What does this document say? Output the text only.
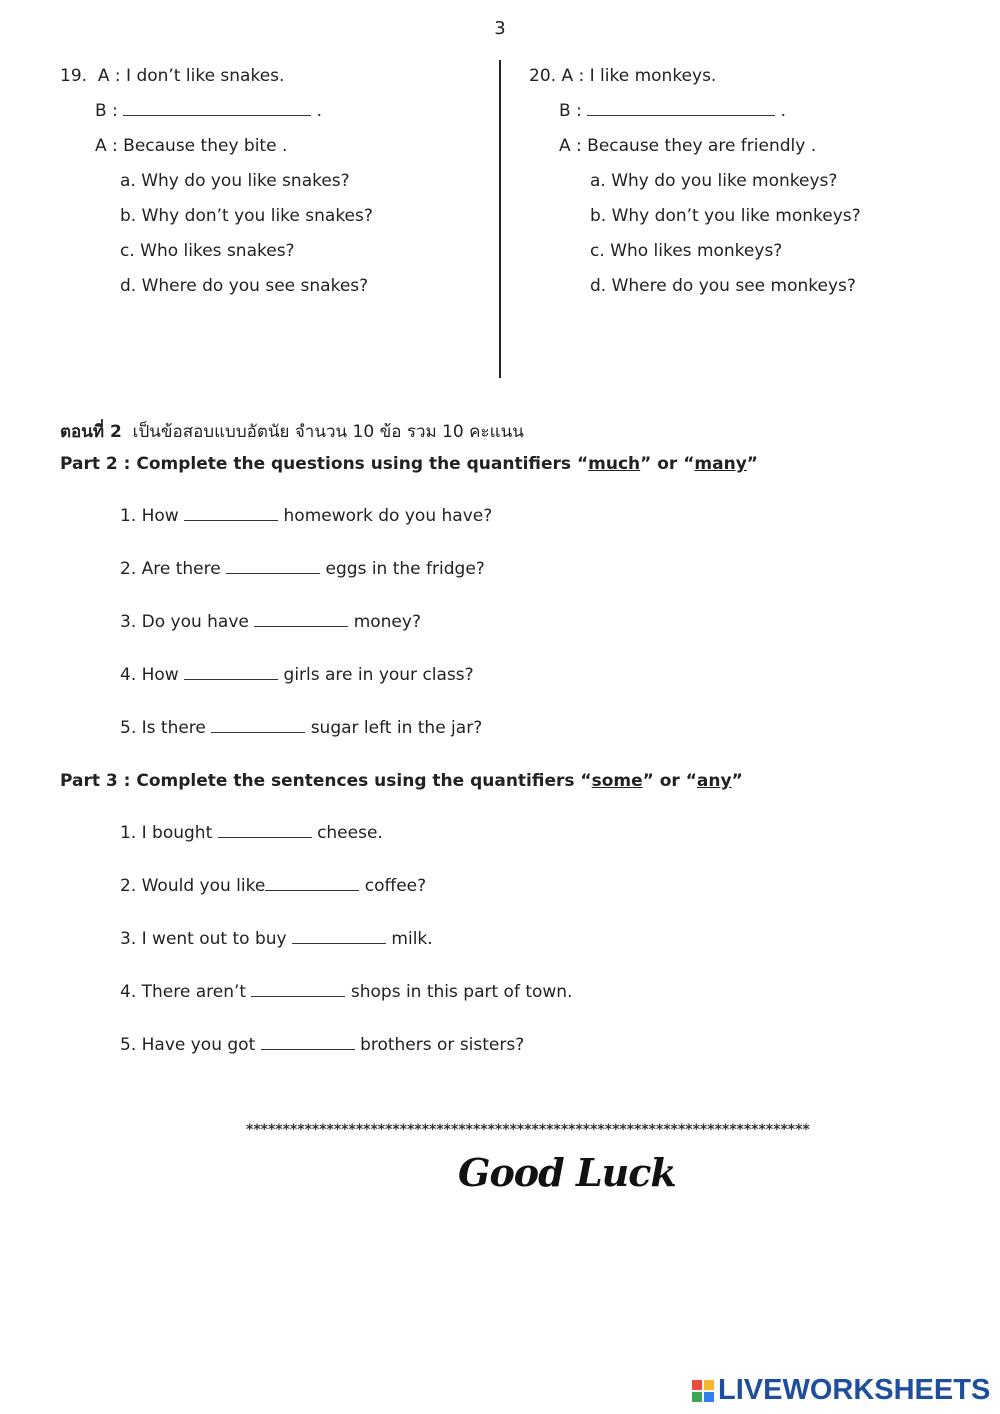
3
19. A : I don’t like snakes.
B :	.
A : Because they bite .
a. Why do you like snakes?
b. Why don’t you like snakes?
c. Who likes snakes?
d. Where do you see snakes?
20. A : I like monkeys.
B :	.
A : Because they are friendly .
a. Why do you like monkeys?
b. Why don’t you like monkeys?
c. Who likes monkeys?
d. Where do you see monkeys?
ตอนที่ 2 เป็นข้อสอบแบบอัตนัย จำนวน 10 ข้อ รวม 10 คะแนน
Part 2 : Complete the questions using the quantifiers “much” or “many”
1. How	homework do you have?
2. Are there	eggs in the fridge?
3. Do you have	money?
4. How	girls are in your class?
5. Is there	sugar left in the jar?
Part 3 : Complete the sentences using the quantifiers “some” or “any”
1. I bought	cheese.
2. Would you like	coffee?
3. I went out to buy	milk.
4. There aren’t	shops in this part of town.
5. Have you got	brothers or sisters?
*****************************************************************************
Good Luck
LIVEWORKSHEETS
